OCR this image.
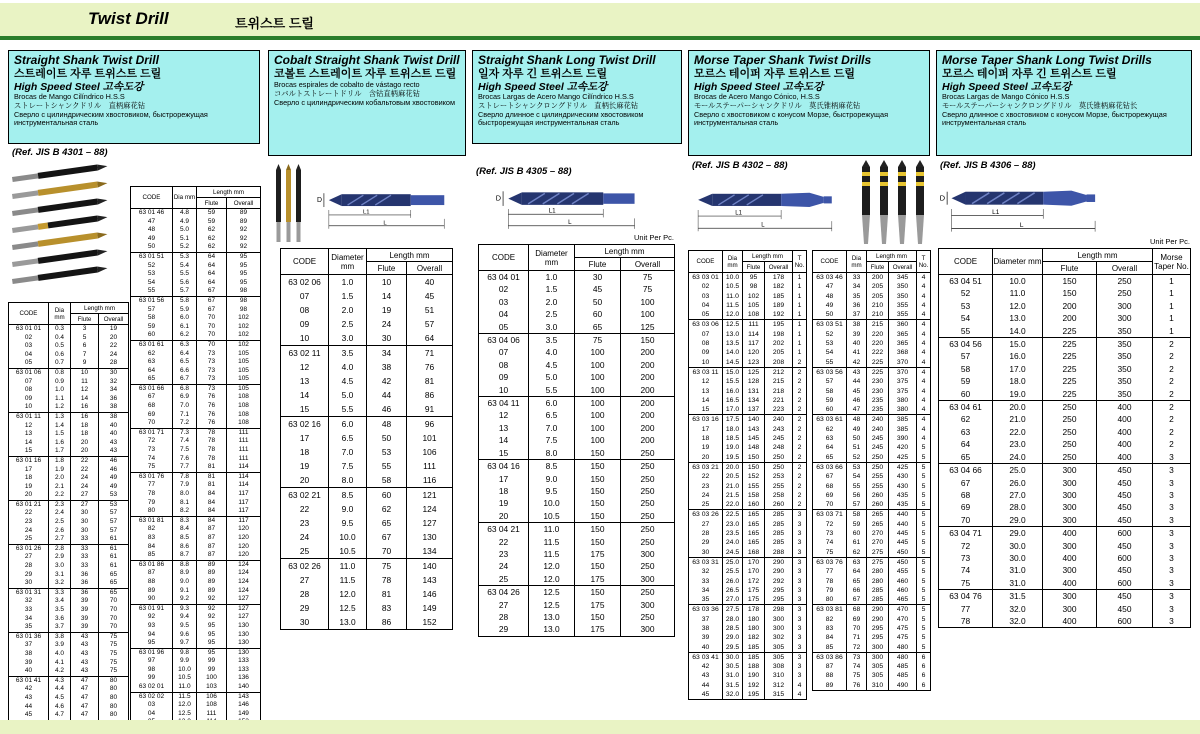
Twist Drill	트위스트 드릴
Straight Shank Twist Drill
스트레이트 자루 트위스트 드릴
High Speed Steel 고속도강
Brocas de Mango Cilíndrico H.S.S
ストレートシャンクドリル　直柄麻花钻
Сверло с цилиндрическим хвостовиком, быстрорежущая инструментальная сталь
(Ref. JIS B 4301 – 88)
CODE	Dia mm	Length mm	
		Flute	Overall
63 01 01	0.3	3	19
02	0.4	5	20
03	0.5	6	22
04	0.6	7	24
05	0.7	9	28
63 01 06	0.8	10	30
07	0.9	11	32
08	1.0	12	34
09	1.1	14	36
10	1.2	16	38
63 01 11	1.3	16	38
12	1.4	18	40
13	1.5	18	40
14	1.6	20	43
15	1.7	20	43
63 01 16	1.8	22	46
17	1.9	22	46
18	2.0	24	49
19	2.1	24	49
20	2.2	27	53
63 01 21	2.3	27	53
22	2.4	30	57
23	2.5	30	57
24	2.6	30	57
25	2.7	33	61
63 01 26	2.8	33	61
27	2.9	33	61
28	3.0	33	61
29	3.1	36	65
30	3.2	36	65
63 01 31	3.3	36	65
32	3.4	39	70
33	3.5	39	70
34	3.6	39	70
35	3.7	39	70
63 01 36	3.8	43	75
37	3.9	43	75
38	4.0	43	75
39	4.1	43	75
40	4.2	43	75
63 01 41	4.3	47	80
42	4.4	47	80
43	4.5	47	80
44	4.6	47	80
45	4.7	47	80
CODE	Dia mm	Length mm	
		Flute	Overall
63 01 46	4.8	59	89
47	4.9	59	89
48	5.0	62	92
49	5.1	62	92
50	5.2	62	92
63 01 51	5.3	64	95
52	5.4	64	95
53	5.5	64	95
54	5.6	64	95
55	5.7	67	98
63 01 56	5.8	67	98
57	5.9	67	98
58	6.0	70	102
59	6.1	70	102
60	6.2	70	102
63 01 61	6.3	70	102
62	6.4	73	105
63	6.5	73	105
64	6.6	73	105
65	6.7	73	105
63 01 66	6.8	73	105
67	6.9	76	108
68	7.0	76	108
69	7.1	76	108
70	7.2	76	108
63 01 71	7.3	78	111
72	7.4	78	111
73	7.5	78	111
74	7.6	78	111
75	7.7	81	114
63 01 76	7.8	81	114
77	7.9	81	114
78	8.0	84	117
79	8.1	84	117
80	8.2	84	117
63 01 81	8.3	84	117
82	8.4	87	120
83	8.5	87	120
84	8.6	87	120
85	8.7	87	120
63 01 86	8.8	89	124
87	8.9	89	124
88	9.0	89	124
89	9.1	89	124
90	9.2	92	127
63 01 91	9.3	92	127
92	9.4	92	127
93	9.5	95	130
94	9.6	95	130
95	9.7	95	130
63 01 96	9.8	95	130
97	9.9	99	133
98	10.0	99	133
99	10.5	100	136
63 02 01	11.0	103	140
63 02 02	11.5	106	143
03	12.0	108	146
04	12.5	111	149

Cobalt Straight Shank Twist Drill
코볼트 스트레이트 자루 트위스트 드릴
Brocas espirales de cobalto de vástago recto
コバルトストレートドリル　含钴直柄麻花钻
Сверло с цилиндрическим кобальтовым хвостовиком
D
L1
L
CODE	Diameter mm	Length mm	
		Flute	Overall
63 02 06	1.0	10	40
07	1.5	14	45
08	2.0	19	51
09	2.5	24	57
10	3.0	30	64
63 02 11	3.5	34	71
12	4.0	38	76
13	4.5	42	81
14	5.0	44	86
15	5.5	46	91
63 02 16	6.0	48	96
17	6.5	50	101
18	7.0	53	106
19	7.5	55	111
20	8.0	58	116
63 02 21	8.5	60	121
22	9.0	62	124
23	9.5	65	127
24	10.0	67	130
25	10.5	70	134
63 02 26	11.0	75	140
27	11.5	78	143
28	12.0	81	146
29	12.5	83	149
30	13.0	86	152
Straight Shank Long Twist Drill
일자 자루 긴 트위스트 드릴
High Speed Steel 고속도강
Brocas Largas de Acero Mango Cilíndrico H.S.S
ストレートシャンクロングドリル　直柄长麻花钻
Сверло длинное с цилиндрическим хвостовиком быстрорежущая инструментальная сталь
(Ref. JIS B 4305 – 88)
D
L1
L
Unit Per Pc.
CODE	Diameter mm	Length mm	
		Flute	Overall
63 04 01	1.0	30	75
02	1.5	45	75
03	2.0	50	100
04	2.5	60	100
05	3.0	65	125
63 04 06	3.5	75	150
07	4.0	100	200
08	4.5	100	200
09	5.0	100	200
10	5.5	100	200
63 04 11	6.0	100	200
12	6.5	100	200
13	7.0	100	200
14	7.5	100	200
15	8.0	150	250
63 04 16	8.5	150	250
17	9.0	150	250
18	9.5	150	250
19	10.0	150	250
20	10.5	150	250
63 04 21	11.0	150	250
22	11.5	150	250
23	11.5	175	300
24	12.0	150	250
25	12.0	175	300
63 04 26	12.5	150	250
27	12.5	175	300
28	13.0	150	250
29	13.0	175	300
Morse Taper Shank Twist Drills
모르스 테이퍼 자루 트위스트 드릴
High Speed Steel 고속도강
Brocas de Acero Mango Cónico, H.S.S
モールステーパーシャンクドリル　莫氏锥柄麻花钻
Сверло с хвостовиком с конусом Морзе, быстрорежущая инструментальная сталь
(Ref. JIS B 4302 – 88)
L1
L
CODE	Dia mm	Length mm		T No.
		Flute	Overall	
63 03 01	10.0	95	178	1
02	10.5	98	182	1
03	11.0	102	185	1
04	11.5	105	189	1
05	12.0	108	192	1
63 03 06	12.5	111	195	1
07	13.0	114	198	1
08	13.5	117	202	1
09	14.0	120	205	1
10	14.5	123	208	2
63 03 11	15.0	125	212	2
12	15.5	128	215	2
13	16.0	131	218	2
14	16.5	134	221	2
15	17.0	137	223	2
63 03 16	17.5	140	240	2
17	18.0	143	243	2
18	18.5	145	245	2
19	19.0	148	248	2
20	19.5	150	250	2
63 03 21	20.0	150	250	2
22	20.5	152	253	2
23	21.0	155	255	2
24	21.5	158	258	2
25	22.0	160	260	2
63 03 26	22.5	165	285	3
27	23.0	165	285	3
28	23.5	165	285	3
29	24.0	165	285	3
30	24.5	168	288	3
63 03 31	25.0	170	290	3
32	25.5	170	290	3
33	26.0	172	292	3
34	26.5	175	295	3
35	27.0	175	295	3
63 03 36	27.5	178	298	3
37	28.0	180	300	3
38	28.5	180	300	3
39	29.0	182	302	3
40	29.5	185	305	3
63 03 41	30.0	185	305	3
42	30.5	188	308	3
43	31.0	190	310	3
44	31.5	192	312	4
45	32.0	195	315	4
CODE	Dia mm	Length mm		T No.
		Flute	Overall	
63 03 46	33	200	345	4
47	34	205	350	4
48	35	205	350	4
49	36	210	355	4
50	37	210	355	4
63 03 51	38	215	360	4
52	39	220	365	4
53	40	220	365	4
54	41	222	368	4
55	42	225	370	4
63 03 56	43	225	370	4
57	44	230	375	4
58	45	230	375	4
59	46	235	380	4
60	47	235	380	4
63 03 61	48	240	385	4
62	49	240	385	4
63	50	245	390	4
64	51	245	420	5
65	52	250	425	5
63 03 66	53	250	425	5
67	54	255	430	5
68	55	255	430	5
69	56	260	435	5
70	57	260	435	5
63 03 71	58	265	440	5
72	59	265	440	5
73	60	270	445	5
74	61	270	445	5
75	62	275	450	5
63 03 76	63	275	450	5
77	64	280	455	5
78	65	280	460	5
79	66	285	460	5
80	67	285	465	5
63 03 81	68	290	470	5
82	69	290	470	5
83	70	295	475	5
84	71	295	475	5
85	72	300	480	5
63 03 86	73	300	480	6
87	74	305	485	6
88	75	305	485	6
89	76	310	490	6
Morse Taper Shank Long Twist Drills
모르스 테이퍼 자루 긴 트위스트 드릴
High Speed Steel 고속도강
Brocas Largas de Mango Cónico H.S.S
モールステーパーシャンクロングドリル　莫氏锥柄麻花钻长
Сверло длинное с хвостовиком с конусом Морзе, быстрорежущая инструментальная сталь
(Ref. JIS B 4306 – 88)
D
L1
L
Unit Per Pc.
CODE	Diameter mm	Length mm		Morse Taper No.
		Flute	Overall	
63 04 51	10.0	150	250	1
52	11.0	150	250	1
53	12.0	200	300	1
54	13.0	200	300	1
55	14.0	225	350	1
63 04 56	15.0	225	350	2
57	16.0	225	350	2
58	17.0	225	350	2
59	18.0	225	350	2
60	19.0	225	350	2
63 04 61	20.0	250	400	2
62	21.0	250	400	2
63	22.0	250	400	2
64	23.0	250	400	2
65	24.0	250	400	3
63 04 66	25.0	300	450	3
67	26.0	300	450	3
68	27.0	300	450	3
69	28.0	300	450	3
70	29.0	300	450	3
63 04 71	29.0	400	600	3
72	30.0	300	450	3
73	30.0	400	600	3
74	31.0	300	450	3
75	31.0	400	600	3
63 04 76	31.5	300	450	3
77	32.0	300	450	3
78	32.0	400	600	3
